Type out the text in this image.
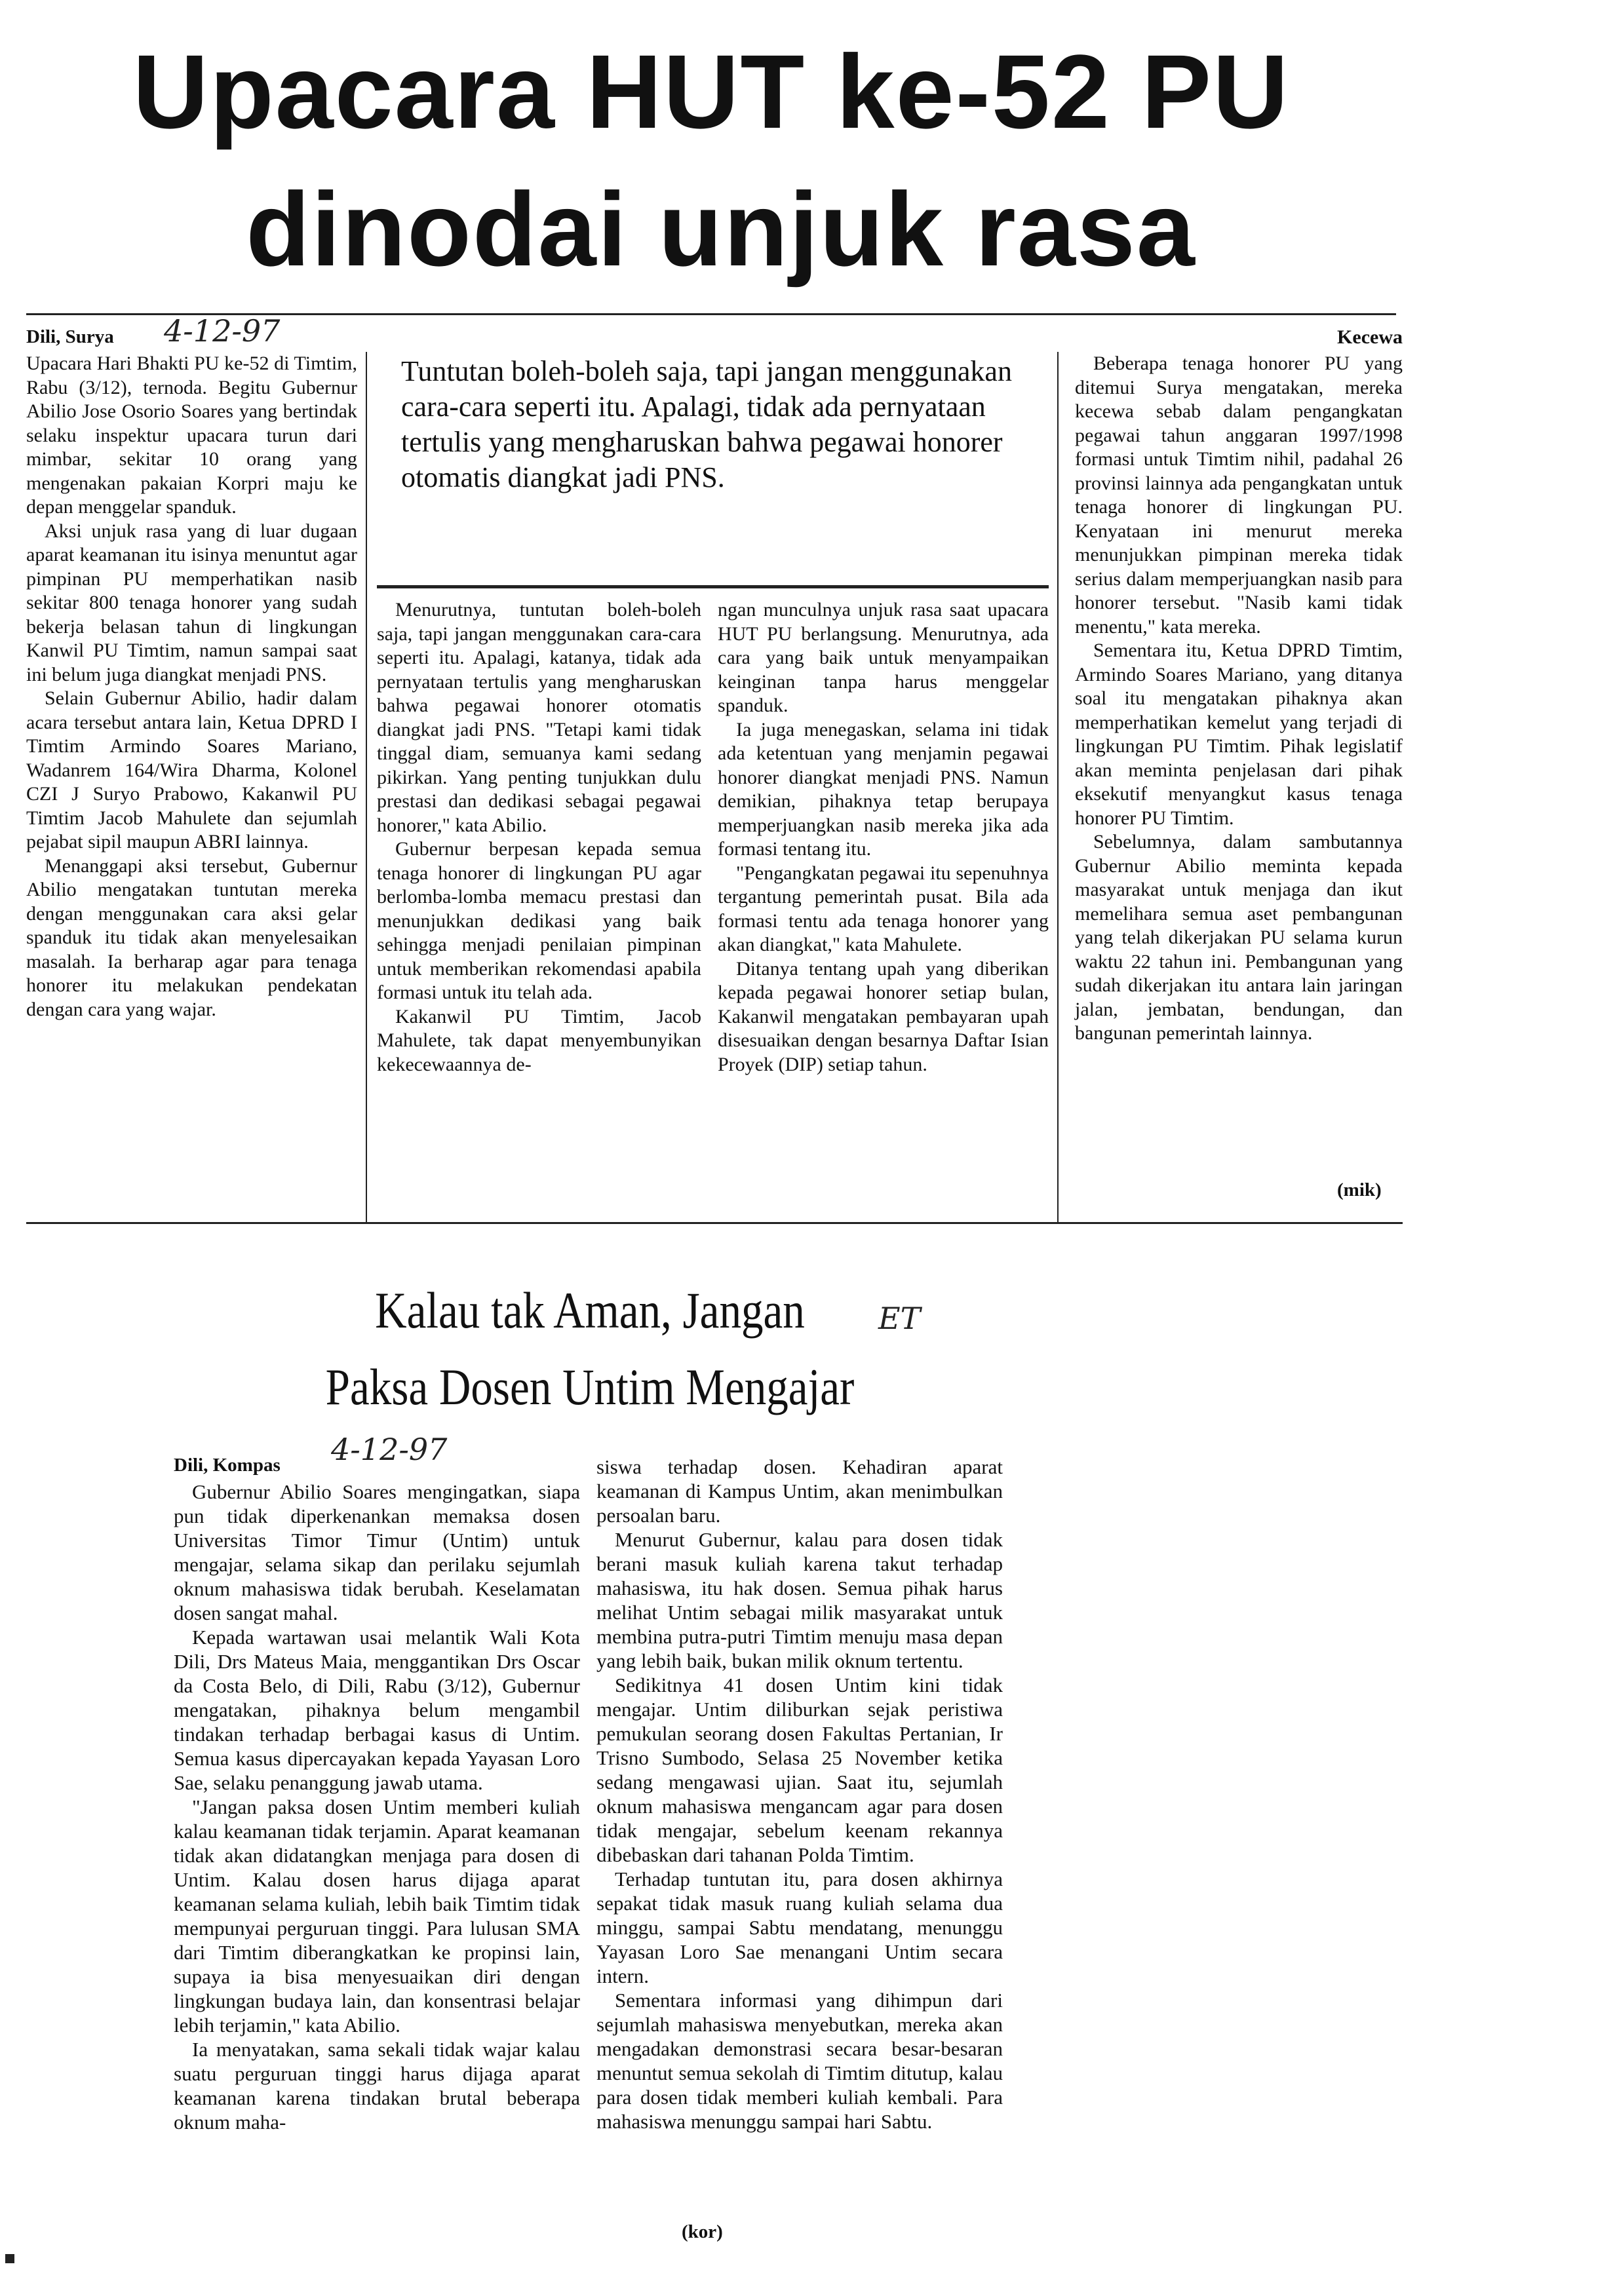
Upacara HUT ke-52 PU
dinodai unjuk rasa
Dili, Surya 4-12-97

Upacara Hari Bhakti PU ke-52 di Timtim, Rabu (3/12), ternoda. Begitu Gubernur Abilio Jose Osorio Soares yang bertindak selaku inspektur upacara turun dari mimbar, sekitar 10 orang yang mengenakan pakaian Korpri maju ke depan menggelar spanduk.

Aksi unjuk rasa yang di luar dugaan aparat keamanan itu isinya menuntut agar pimpinan PU memperhatikan nasib sekitar 800 tenaga honorer yang sudah bekerja belasan tahun di lingkungan Kanwil PU Timtim, namun sampai saat ini belum juga diangkat menjadi PNS.

Selain Gubernur Abilio, hadir dalam acara tersebut antara lain, Ketua DPRD I Timtim Armindo Soares Mariano, Wadanrem 164/Wira Dharma, Kolonel CZI J Suryo Prabowo, Kakanwil PU Timtim Jacob Mahulete dan sejumlah pejabat sipil maupun ABRI lainnya.

Menanggapi aksi tersebut, Gubernur Abilio mengatakan tuntutan mereka dengan menggunakan cara aksi gelar spanduk itu tidak akan menyelesaikan masalah. Ia berharap agar para tenaga honorer itu melakukan pendekatan dengan cara yang wajar.

Tuntutan boleh-boleh saja, tapi jangan menggunakan cara-cara seperti itu. Apalagi, tidak ada pernyataan tertulis yang mengharuskan bahwa pegawai honorer otomatis diangkat jadi PNS.

Menurutnya, tuntutan boleh-boleh saja, tapi jangan menggunakan cara-cara seperti itu. Apalagi, katanya, tidak ada pernyataan tertulis yang mengharuskan bahwa pegawai honorer otomatis diangkat jadi PNS. "Tetapi kami tidak tinggal diam, semuanya kami sedang pikirkan. Yang penting tunjukkan dulu prestasi dan dedikasi sebagai pegawai honorer," kata Abilio.

Gubernur berpesan kepada semua tenaga honorer di lingkungan PU agar berlomba-lomba memacu prestasi dan menunjukkan dedikasi yang baik sehingga menjadi penilaian pimpinan untuk memberikan rekomendasi apabila formasi untuk itu telah ada.

Kakanwil PU Timtim, Jacob Mahulete, tak dapat menyembunyikan kekecewaannya de-

ngan munculnya unjuk rasa saat upacara HUT PU berlangsung. Menurutnya, ada cara yang baik untuk menyampaikan keinginan tanpa harus menggelar spanduk.

Ia juga menegaskan, selama ini tidak ada ketentuan yang menjamin pegawai honorer diangkat menjadi PNS. Namun demikian, pihaknya tetap berupaya memperjuangkan nasib mereka jika ada formasi tentang itu.

"Pengangkatan pegawai itu sepenuhnya tergantung pemerintah pusat. Bila ada formasi tentu ada tenaga honorer yang akan diangkat," kata Mahulete.

Ditanya tentang upah yang diberikan kepada pegawai honorer setiap bulan, Kakanwil mengatakan pembayaran upah disesuaikan dengan besarnya Daftar Isian Proyek (DIP) setiap tahun.

Kecewa

Beberapa tenaga honorer PU yang ditemui Surya mengatakan, mereka kecewa sebab dalam pengangkatan pegawai tahun anggaran 1997/1998 formasi untuk Timtim nihil, padahal 26 provinsi lainnya ada pengangkatan untuk tenaga honorer di lingkungan PU. Kenyataan ini menurut mereka menunjukkan pimpinan mereka tidak serius dalam memperjuangkan nasib para honorer tersebut. "Nasib kami tidak menentu," kata mereka.

Sementara itu, Ketua DPRD Timtim, Armindo Soares Mariano, yang ditanya soal itu mengatakan pihaknya akan memperhatikan kemelut yang terjadi di lingkungan PU Timtim. Pihak legislatif akan meminta penjelasan dari pihak eksekutif menyangkut kasus tenaga honorer PU Timtim.

Sebelumnya, dalam sambutannya Gubernur Abilio meminta kepada masyarakat untuk menjaga dan ikut memelihara semua aset pembangunan yang telah dikerjakan PU selama kurun waktu 22 tahun ini. Pembangunan yang sudah dikerjakan itu antara lain jaringan jalan, jembatan, bendungan, dan bangunan pemerintah lainnya.

(mik)
Kalau tak Aman, Jangan	ET
Paksa Dosen Untim Mengajar
Dili, Kompas 4-12-97

Gubernur Abilio Soares mengingatkan, siapa pun tidak diperkenankan memaksa dosen Universitas Timor Timur (Untim) untuk mengajar, selama sikap dan perilaku sejumlah oknum mahasiswa tidak berubah. Keselamatan dosen sangat mahal.

Kepada wartawan usai melantik Wali Kota Dili, Drs Mateus Maia, menggantikan Drs Oscar da Costa Belo, di Dili, Rabu (3/12), Gubernur mengatakan, pihaknya belum mengambil tindakan terhadap berbagai kasus di Untim. Semua kasus dipercayakan kepada Yayasan Loro Sae, selaku penanggung jawab utama.

"Jangan paksa dosen Untim memberi kuliah kalau keamanan tidak terjamin. Aparat keamanan tidak akan didatangkan menjaga para dosen di Untim. Kalau dosen harus dijaga aparat keamanan selama kuliah, lebih baik Timtim tidak mempunyai perguruan tinggi. Para lulusan SMA dari Timtim diberangkatkan ke propinsi lain, supaya ia bisa menyesuaikan diri dengan lingkungan budaya lain, dan konsentrasi belajar lebih terjamin," kata Abilio.

Ia menyatakan, sama sekali tidak wajar kalau suatu perguruan tinggi harus dijaga aparat keamanan karena tindakan brutal beberapa oknum maha-

siswa terhadap dosen. Kehadiran aparat keamanan di Kampus Untim, akan menimbulkan persoalan baru.

Menurut Gubernur, kalau para dosen tidak berani masuk kuliah karena takut terhadap mahasiswa, itu hak dosen. Semua pihak harus melihat Untim sebagai milik masyarakat untuk membina putra-putri Timtim menuju masa depan yang lebih baik, bukan milik oknum tertentu.

Sedikitnya 41 dosen Untim kini tidak mengajar. Untim diliburkan sejak peristiwa pemukulan seorang dosen Fakultas Pertanian, Ir Trisno Sumbodo, Selasa 25 November ketika sedang mengawasi ujian. Saat itu, sejumlah oknum mahasiswa mengancam agar para dosen tidak mengajar, sebelum keenam rekannya dibebaskan dari tahanan Polda Timtim.

Terhadap tuntutan itu, para dosen akhirnya sepakat tidak masuk ruang kuliah selama dua minggu, sampai Sabtu mendatang, menunggu Yayasan Loro Sae menangani Untim secara intern.

Sementara informasi yang dihimpun dari sejumlah mahasiswa menyebutkan, mereka akan mengadakan demonstrasi secara besar-besaran menuntut semua sekolah di Timtim ditutup, kalau para dosen tidak memberi kuliah kembali. Para mahasiswa menunggu sampai hari Sabtu.

(kor)
